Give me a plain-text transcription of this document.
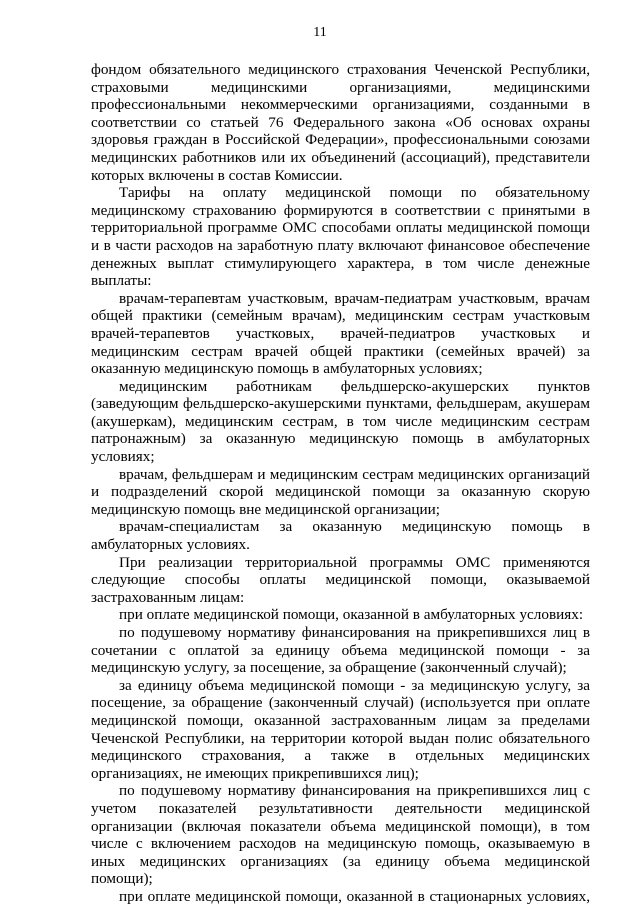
11

фондом обязательного медицинского страхования Чеченской Республики, страховыми медицинскими организациями, медицинскими профессиональными некоммерческими организациями, созданными в соответствии со статьей 76 Федерального закона «Об основах охраны здоровья граждан в Российской Федерации», профессиональными союзами медицинских работников или их объединений (ассоциаций), представители которых включены в состав Комиссии.

Тарифы на оплату медицинской помощи по обязательному медицинскому страхованию формируются в соответствии с принятыми в территориальной программе ОМС способами оплаты медицинской помощи и в части расходов на заработную плату включают финансовое обеспечение денежных выплат стимулирующего характера, в том числе денежные выплаты:

врачам-терапевтам участковым, врачам-педиатрам участковым, врачам общей практики (семейным врачам), медицинским сестрам участковым врачей-терапевтов участковых, врачей-педиатров участковых и медицинским сестрам врачей общей практики (семейных врачей) за оказанную медицинскую помощь в амбулаторных условиях;

медицинским работникам фельдшерско-акушерских пунктов (заведующим фельдшерско-акушерскими пунктами, фельдшерам, акушерам (акушеркам), медицинским сестрам, в том числе медицинским сестрам патронажным) за оказанную медицинскую помощь в амбулаторных условиях;

врачам, фельдшерам и медицинским сестрам медицинских организаций и подразделений скорой медицинской помощи за оказанную скорую медицинскую помощь вне медицинской организации;

врачам-специалистам за оказанную медицинскую помощь в амбулаторных условиях.

При реализации территориальной программы ОМС применяются следующие способы оплаты медицинской помощи, оказываемой застрахованным лицам:

при оплате медицинской помощи, оказанной в амбулаторных условиях:

по подушевому нормативу финансирования на прикрепившихся лиц в сочетании с оплатой за единицу объема медицинской помощи - за медицинскую услугу, за посещение, за обращение (законченный случай);

за единицу объема медицинской помощи - за медицинскую услугу, за посещение, за обращение (законченный случай) (используется при оплате медицинской помощи, оказанной застрахованным лицам за пределами Чеченской Республики, на территории которой выдан полис обязательного медицинского страхования, а также в отдельных медицинских организациях, не имеющих прикрепившихся лиц);

по подушевому нормативу финансирования на прикрепившихся лиц с учетом показателей результативности деятельности медицинской организации (включая показатели объема медицинской помощи), в том числе с включением расходов на медицинскую помощь, оказываемую в иных медицинских организациях (за единицу объема медицинской помощи);

при оплате медицинской помощи, оказанной в стационарных условиях,
